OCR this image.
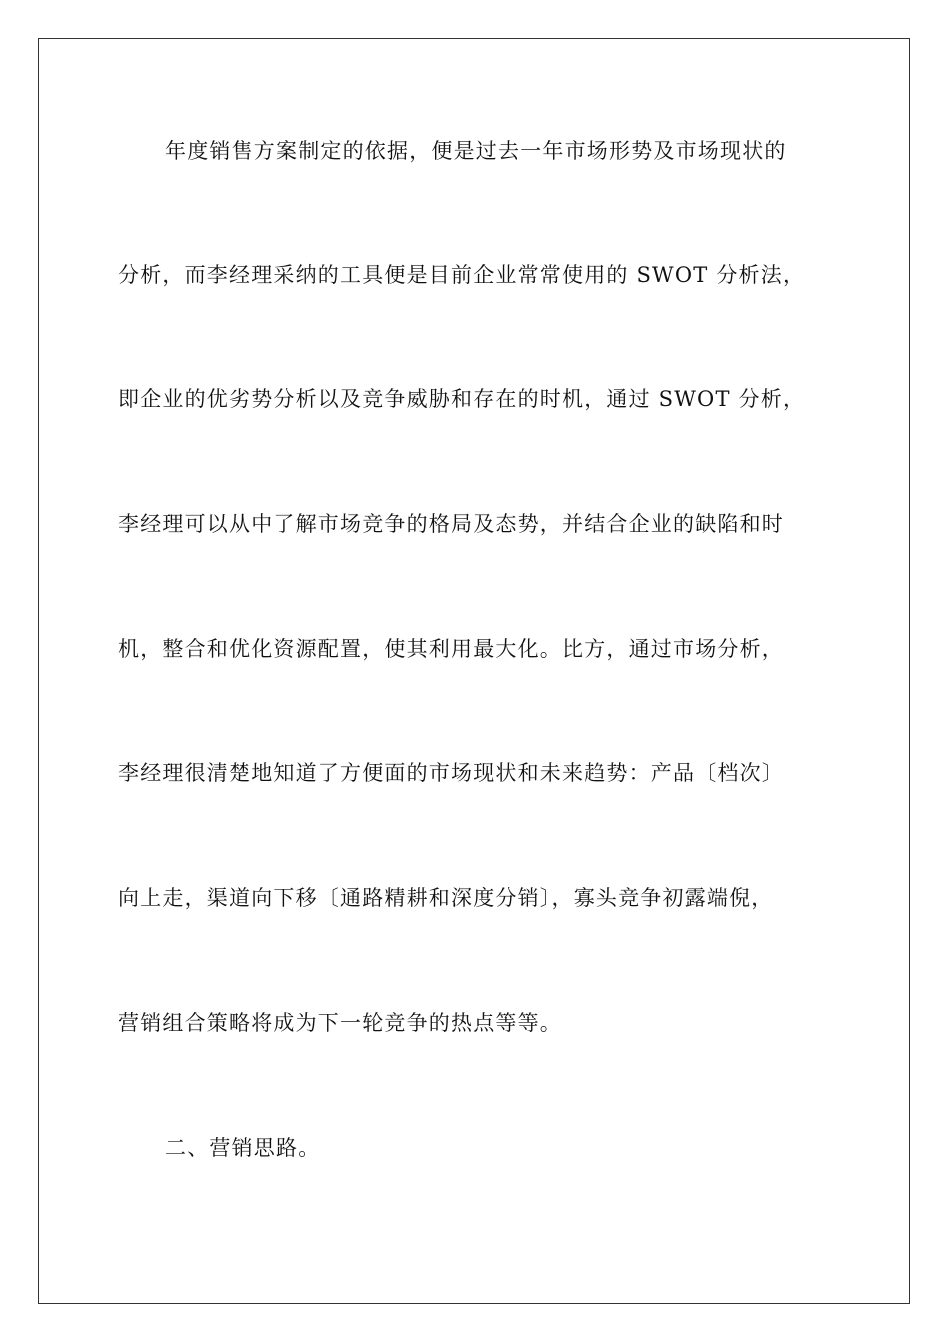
年度销售方案制定的依据，便是过去一年市场形势及市场现状的
分析，而李经理采纳的工具便是目前企业常常使用的 SWOT 分析法，
即企业的优劣势分析以及竞争威胁和存在的时机，通过 SWOT 分析，
李经理可以从中了解市场竞争的格局及态势，并结合企业的缺陷和时
机，整合和优化资源配置，使其利用最大化。比方，通过市场分析，
李经理很清楚地知道了方便面的市场现状和未来趋势：产品〔档次〕
向上走，渠道向下移〔通路精耕和深度分销〕，寡头竞争初露端倪，
营销组合策略将成为下一轮竞争的热点等等。
二、营销思路。
